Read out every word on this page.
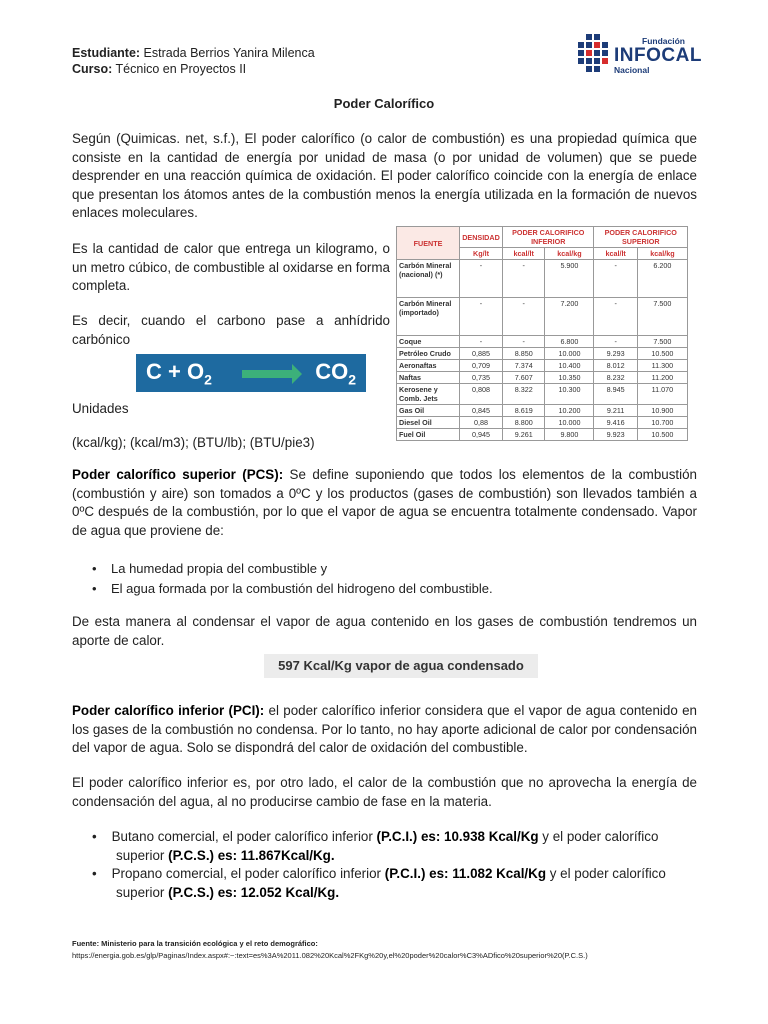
Estudiante: Estrada Berrios Yanira Milenca
Curso: Técnico en Proyectos II
Fundación
INFOCAL
Nacional
Poder Calorífico
Según (Quimicas. net, s.f.), El poder calorífico (o calor de combustión) es una propiedad química que consiste en la cantidad de energía por unidad de masa (o por unidad de volumen) que se puede desprender en una reacción química de oxidación. El poder calorífico coincide con la energía de enlace que presentan los átomos antes de la combustión menos la energía utilizada en la formación de nuevos enlaces moleculares.
Es la cantidad de calor que entrega un kilogramo, o un metro cúbico, de combustible al oxidarse en forma completa.
Es decir, cuando el carbono pase a anhídrido carbónico
$C + O_2$	$CO_2$
Unidades
(kcal/kg); (kcal/m3); (BTU/lb); (BTU/pie3)
FUENTE	DENSIDAD	PODER CALORIFICO INFERIOR		PODER CALORIFICO SUPERIOR	
	Kg/lt	kcal/lt	kcal/kg	kcal/lt	kcal/kg
Carbón Mineral (nacional) (*)	-	-	5.900	-	6.200
Carbón Mineral (importado)	-	-	7.200	-	7.500
Coque	-	-	6.800	-	7.500
Petróleo Crudo	0,885	8.850	10.000	9.293	10.500
Aeronaftas	0,709	7.374	10.400	8.012	11.300
Naftas	0,735	7.607	10.350	8.232	11.200
Kerosene y Comb. Jets	0,808	8.322	10.300	8.945	11.070
Gas Oil	0,845	8.619	10.200	9.211	10.900
Diesel Oil	0,88	8.800	10.000	9.416	10.700
Fuel Oil	0,945	9.261	9.800	9.923	10.500
Poder calorífico superior (PCS): Se define suponiendo que todos los elementos de la combustión (combustión y aire) son tomados a 0ºC y los productos (gases de combustión) son llevados también a 0ºC después de la combustión, por lo que el vapor de agua se encuentra totalmente condensado. Vapor de agua que proviene de:
•    La humedad propia del combustible y
•    El agua formada por la combustión del hidrogeno del combustible.
De esta manera al condensar el vapor de agua contenido en los gases de combustión tendremos un aporte de calor.
597 Kcal/Kg vapor de agua condensado
Poder calorífico inferior (PCI): el poder calorífico inferior considera que el vapor de agua contenido en los gases de la combustión no condensa. Por lo tanto, no hay aporte adicional de calor por condensación del vapor de agua. Solo se dispondrá del calor de oxidación del combustible.
El poder calorífico inferior es, por otro lado, el calor de la combustión que no aprovecha la energía de condensación del agua, al no producirse cambio de fase en la materia.
•    Butano comercial, el poder calorífico inferior (P.C.I.) es: 10.938 Kcal/Kg y el poder calorífico superior (P.C.S.) es: 11.867Kcal/Kg.
•    Propano comercial, el poder calorífico inferior (P.C.I.) es: 11.082 Kcal/Kg y el poder calorífico superior (P.C.S.) es: 12.052 Kcal/Kg.
Fuente: Ministerio para la transición ecológica y el reto demográfico:
https://energia.gob.es/glp/Paginas/Index.aspx#:~:text=es%3A%2011.082%20Kcal%2FKg%20y,el%20poder%20calor%C3%ADfico%20superior%20(P.C.S.)
